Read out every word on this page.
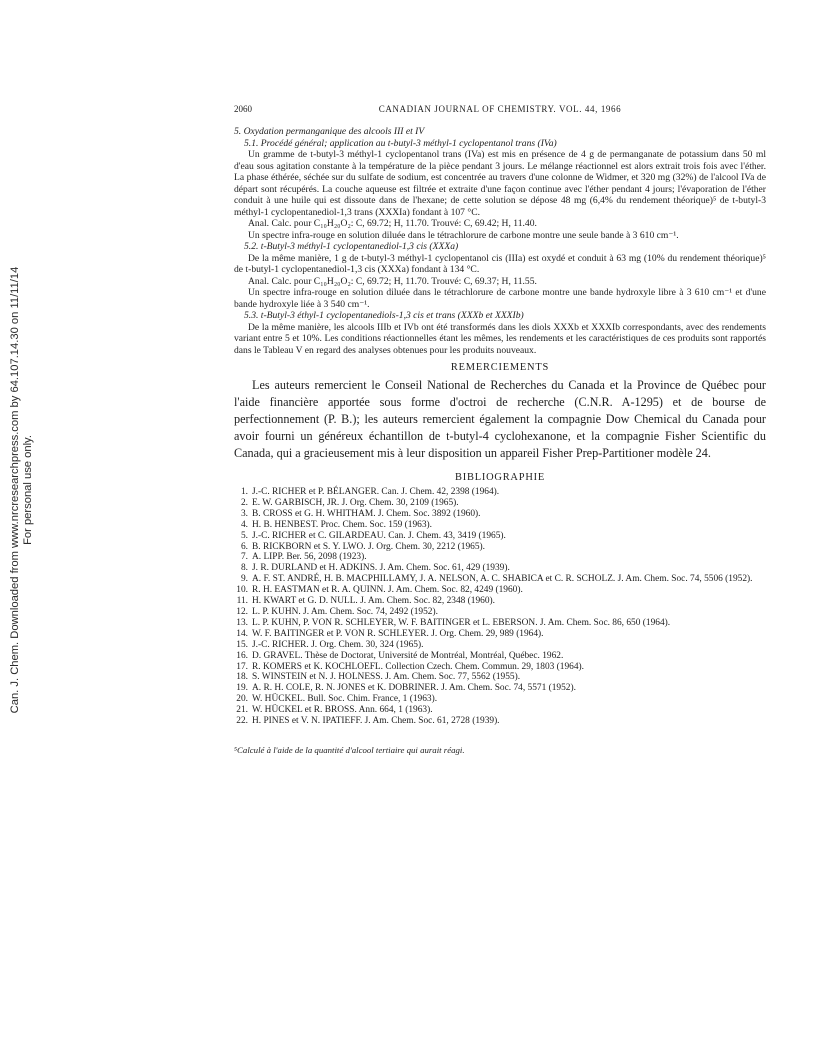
Can. J. Chem. Downloaded from www.nrcresearchpress.com by 64.107.14.30 on 11/11/14 For personal use only.
2060	CANADIAN JOURNAL OF CHEMISTRY. VOL. 44, 1966

5. Oxydation permanganique des alcools III et IV

5.1. Procédé général; application au t-butyl-3 méthyl-1 cyclopentanol trans (IVa)

Un gramme de t-butyl-3 méthyl-1 cyclopentanol trans (IVa) est mis en présence de 4 g de permanganate de potassium dans 50 ml d'eau sous agitation constante à la température de la pièce pendant 3 jours. Le mélange réactionnel est alors extrait trois fois avec l'éther. La phase éthérée, séchée sur du sulfate de sodium, est concentrée au travers d'une colonne de Widmer, et 320 mg (32%) de l'alcool IVa de départ sont récupérés. La couche aqueuse est filtrée et extraite d'une façon continue avec l'éther pendant 4 jours; l'évaporation de l'éther conduit à une huile qui est dissoute dans de l'hexane; de cette solution se dépose 48 mg (6,4% du rendement théorique)⁵ de t-butyl-3 méthyl-1 cyclopentanediol-1,3 trans (XXXIa) fondant à 107 °C.

Anal. Calc. pour C₁₀H₂₀O₂: C, 69.72; H, 11.70. Trouvé: C, 69.42; H, 11.40.

Un spectre infra-rouge en solution diluée dans le tétrachlorure de carbone montre une seule bande à 3 610 cm⁻¹.

5.2. t-Butyl-3 méthyl-1 cyclopentanediol-1,3 cis (XXXa)

De la même manière, 1 g de t-butyl-3 méthyl-1 cyclopentanol cis (IIIa) est oxydé et conduit à 63 mg (10% du rendement théorique)⁵ de t-butyl-1 cyclopentanediol-1,3 cis (XXXa) fondant à 134 °C.

Anal. Calc. pour C₁₀H₂₀O₂: C, 69.72; H, 11.70. Trouvé: C, 69.37; H, 11.55.

Un spectre infra-rouge en solution diluée dans le tétrachlorure de carbone montre une bande hydroxyle libre à 3 610 cm⁻¹ et d'une bande hydroxyle liée à 3 540 cm⁻¹.

5.3. t-Butyl-3 éthyl-1 cyclopentanediols-1,3 cis et trans (XXXb et XXXIb)

De la même manière, les alcools IIIb et IVb ont été transformés dans les diols XXXb et XXXIb correspondants, avec des rendements variant entre 5 et 10%. Les conditions réactionnelles étant les mêmes, les rendements et les caractéristiques de ces produits sont rapportés dans le Tableau V en regard des analyses obtenues pour les produits nouveaux.

REMERCIEMENTS

Les auteurs remercient le Conseil National de Recherches du Canada et la Province de Québec pour l'aide financière apportée sous forme d'octroi de recherche (C.N.R. A-1295) et de bourse de perfectionnement (P. B.); les auteurs remercient également la compagnie Dow Chemical du Canada pour avoir fourni un généreux échantillon de t-butyl-4 cyclohexanone, et la compagnie Fisher Scientific du Canada, qui a gracieusement mis à leur disposition un appareil Fisher Prep-Partitioner modèle 24.

BIBLIOGRAPHIE
1. J.-C. RICHER et P. BÉLANGER. Can. J. Chem. 42, 2398 (1964).
2. E. W. GARBISCH, JR. J. Org. Chem. 30, 2109 (1965).
3. B. CROSS et G. H. WHITHAM. J. Chem. Soc. 3892 (1960).
4. H. B. HENBEST. Proc. Chem. Soc. 159 (1963).
5. J.-C. RICHER et C. GILARDEAU. Can. J. Chem. 43, 3419 (1965).
6. B. RICKBORN et S. Y. LWO. J. Org. Chem. 30, 2212 (1965).
7. A. LIPP. Ber. 56, 2098 (1923).
8. J. R. DURLAND et H. ADKINS. J. Am. Chem. Soc. 61, 429 (1939).
9. A. F. ST. ANDRÉ, H. B. MACPHILLAMY, J. A. NELSON, A. C. SHABICA et C. R. SCHOLZ. J. Am. Chem. Soc. 74, 5506 (1952).
10. R. H. EASTMAN et R. A. QUINN. J. Am. Chem. Soc. 82, 4249 (1960).
11. H. KWART et G. D. NULL. J. Am. Chem. Soc. 82, 2348 (1960).
12. L. P. KUHN. J. Am. Chem. Soc. 74, 2492 (1952).
13. L. P. KUHN, P. VON R. SCHLEYER, W. F. BAITINGER et L. EBERSON. J. Am. Chem. Soc. 86, 650 (1964).
14. W. F. BAITINGER et P. VON R. SCHLEYER. J. Org. Chem. 29, 989 (1964).
15. J.-C. RICHER. J. Org. Chem. 30, 324 (1965).
16. D. GRAVEL. Thèse de Doctorat, Université de Montréal, Montréal, Québec. 1962.
17. R. KOMERS et K. KOCHLOEFL. Collection Czech. Chem. Commun. 29, 1803 (1964).
18. S. WINSTEIN et N. J. HOLNESS. J. Am. Chem. Soc. 77, 5562 (1955).
19. A. R. H. COLE, R. N. JONES et K. DOBRINER. J. Am. Chem. Soc. 74, 5571 (1952).
20. W. HÜCKEL. Bull. Soc. Chim. France, 1 (1963).
21. W. HÜCKEL et R. BROSS. Ann. 664, 1 (1963).
22. H. PINES et V. N. IPATIEFF. J. Am. Chem. Soc. 61, 2728 (1939).

⁵Calculé à l'aide de la quantité d'alcool tertiaire qui aurait réagi.
